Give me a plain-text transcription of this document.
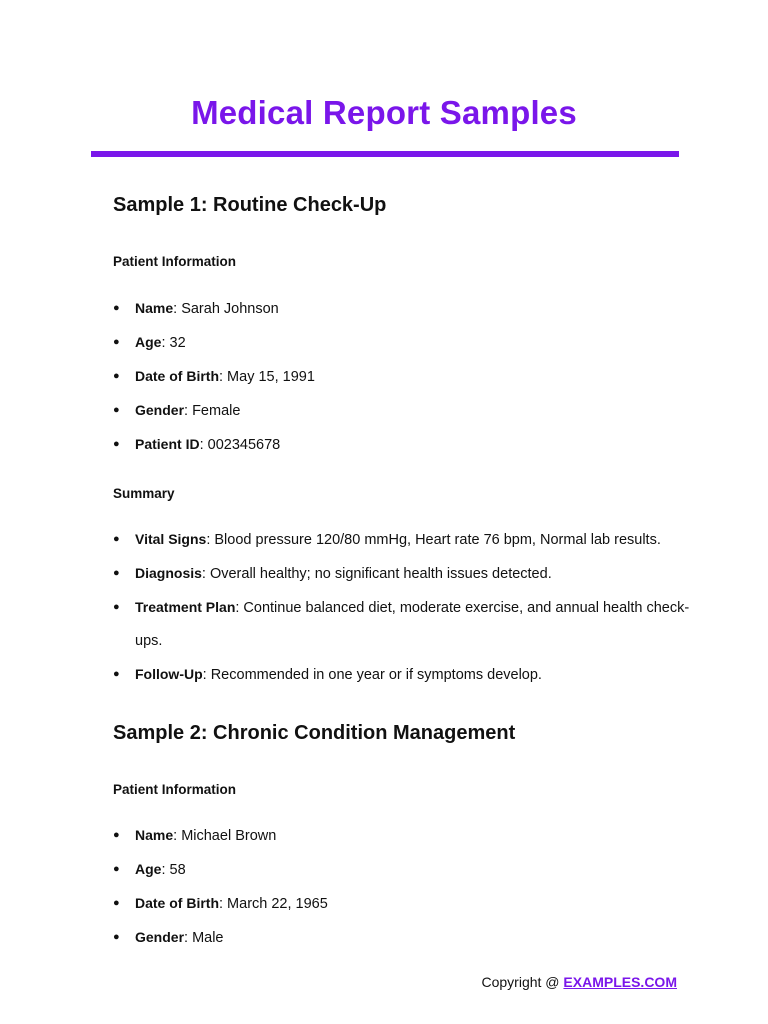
Medical Report Samples
Sample 1: Routine Check-Up
Patient Information
● Name: Sarah Johnson
● Age: 32
● Date of Birth: May 15, 1991
● Gender: Female
● Patient ID: 002345678
Summary
● Vital Signs: Blood pressure 120/80 mmHg, Heart rate 76 bpm, Normal lab results.
● Diagnosis: Overall healthy; no significant health issues detected.
● Treatment Plan: Continue balanced diet, moderate exercise, and annual health check-ups.
● Follow-Up: Recommended in one year or if symptoms develop.
Sample 2: Chronic Condition Management
Patient Information
● Name: Michael Brown
● Age: 58
● Date of Birth: March 22, 1965
● Gender: Male
Copyright @ EXAMPLES.COM
